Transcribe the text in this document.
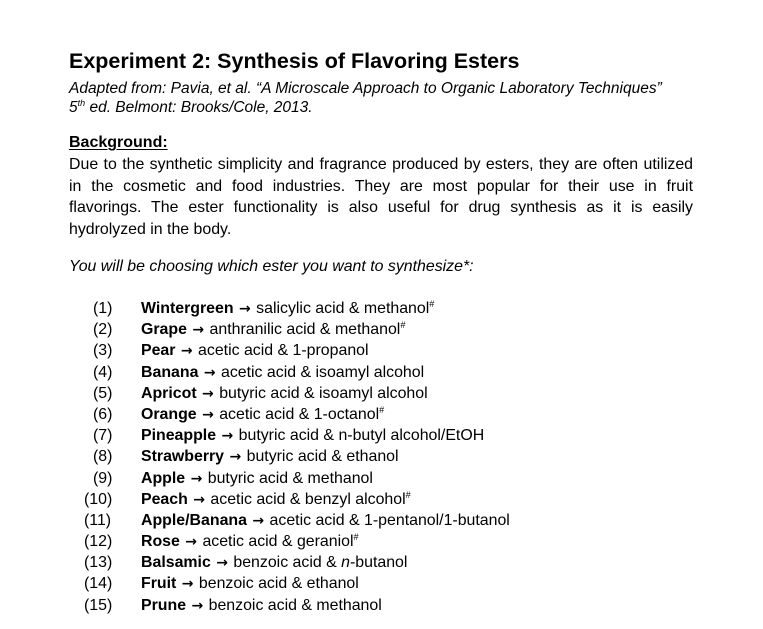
Experiment 2: Synthesis of Flavoring Esters
Adapted from: Pavia, et al. “A Microscale Approach to Organic Laboratory Techniques”
5th ed. Belmont: Brooks/Cole, 2013.
Background:
Due to the synthetic simplicity and fragrance produced by esters, they are often utilized in the cosmetic and food industries. They are most popular for their use in fruit flavorings. The ester functionality is also useful for drug synthesis as it is easily hydrolyzed in the body.
You will be choosing which ester you want to synthesize*:
(1) Wintergreen → salicylic acid & methanol#
(2) Grape → anthranilic acid & methanol#
(3) Pear → acetic acid & 1-propanol
(4) Banana → acetic acid & isoamyl alcohol
(5) Apricot → butyric acid & isoamyl alcohol
(6) Orange → acetic acid & 1-octanol#
(7) Pineapple → butyric acid & n-butyl alcohol/EtOH
(8) Strawberry → butyric acid & ethanol
(9) Apple → butyric acid & methanol
(10) Peach → acetic acid & benzyl alcohol#
(11) Apple/Banana → acetic acid & 1-pentanol/1-butanol
(12) Rose → acetic acid & geraniol#
(13) Balsamic → benzoic acid & n-butanol
(14) Fruit → benzoic acid & ethanol
(15) Prune → benzoic acid & methanol
